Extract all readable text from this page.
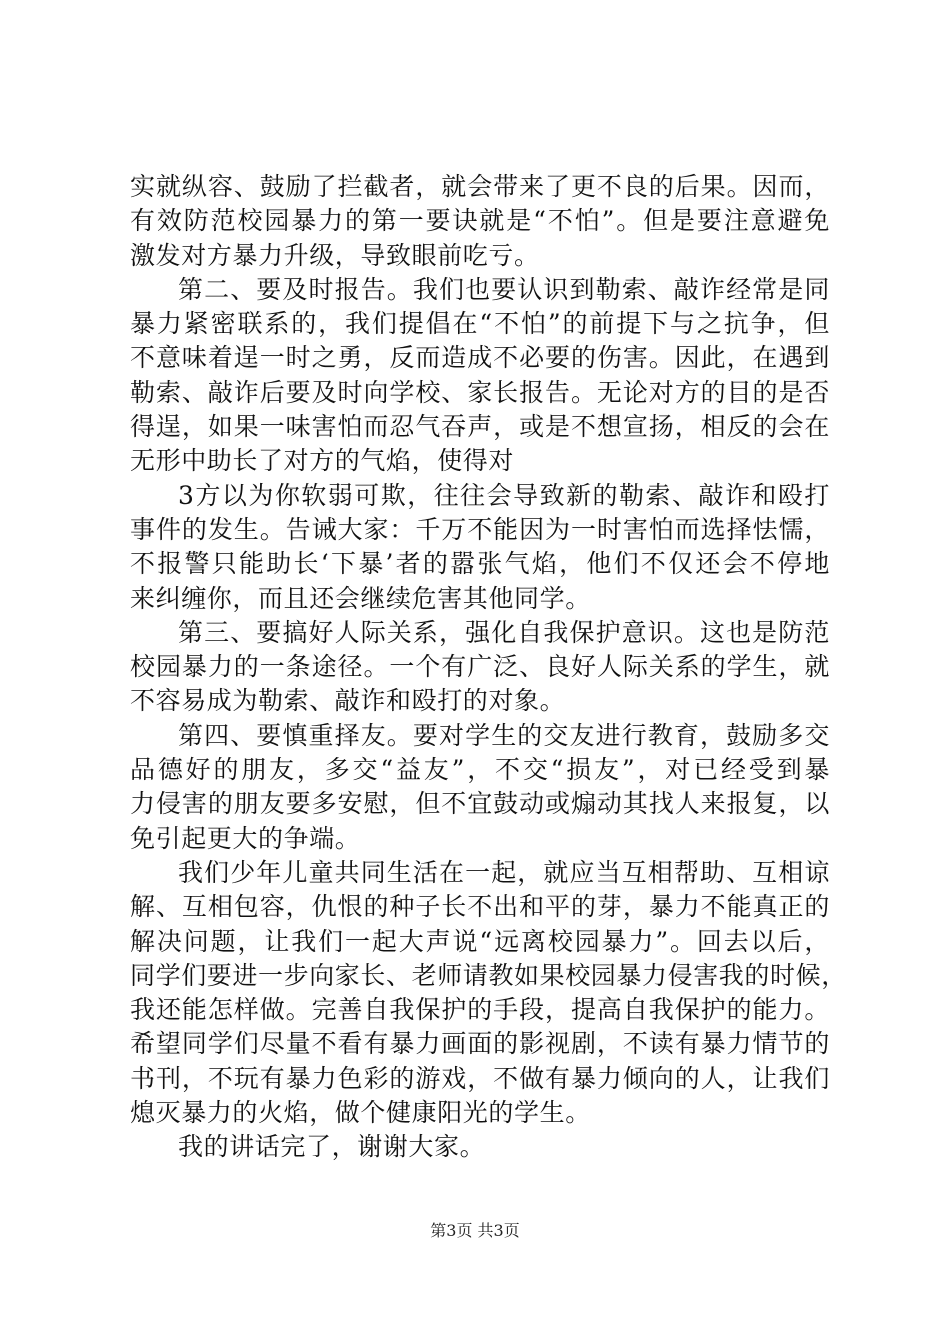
实就纵容、鼓励了拦截者，就会带来了更不良的后果。因而，
有效防范校园暴力的第一要诀就是“不怕”。但是要注意避免
激发对方暴力升级，导致眼前吃亏。
第二、要及时报告。我们也要认识到勒索、敲诈经常是同
暴力紧密联系的，我们提倡在“不怕”的前提下与之抗争，但
不意味着逞一时之勇，反而造成不必要的伤害。因此，在遇到
勒索、敲诈后要及时向学校、家长报告。无论对方的目的是否
得逞，如果一味害怕而忍气吞声，或是不想宣扬，相反的会在
无形中助长了对方的气焰，使得对
3方以为你软弱可欺，往往会导致新的勒索、敲诈和殴打
事件的发生。告诫大家：千万不能因为一时害怕而选择怯懦，
不报警只能助长‘下暴’者的嚣张气焰，他们不仅还会不停地
来纠缠你，而且还会继续危害其他同学。
第三、要搞好人际关系，强化自我保护意识。这也是防范
校园暴力的一条途径。一个有广泛、良好人际关系的学生，就
不容易成为勒索、敲诈和殴打的对象。
第四、要慎重择友。要对学生的交友进行教育，鼓励多交
品德好的朋友，多交“益友”，不交“损友”，对已经受到暴
力侵害的朋友要多安慰，但不宜鼓动或煽动其找人来报复，以
免引起更大的争端。
我们少年儿童共同生活在一起，就应当互相帮助、互相谅
解、互相包容，仇恨的种子长不出和平的芽，暴力不能真正的
解决问题，让我们一起大声说“远离校园暴力”。回去以后，
同学们要进一步向家长、老师请教如果校园暴力侵害我的时候，
我还能怎样做。完善自我保护的手段，提高自我保护的能力。
希望同学们尽量不看有暴力画面的影视剧，不读有暴力情节的
书刊，不玩有暴力色彩的游戏，不做有暴力倾向的人，让我们
熄灭暴力的火焰，做个健康阳光的学生。
我的讲话完了，谢谢大家。
第3页 共3页
